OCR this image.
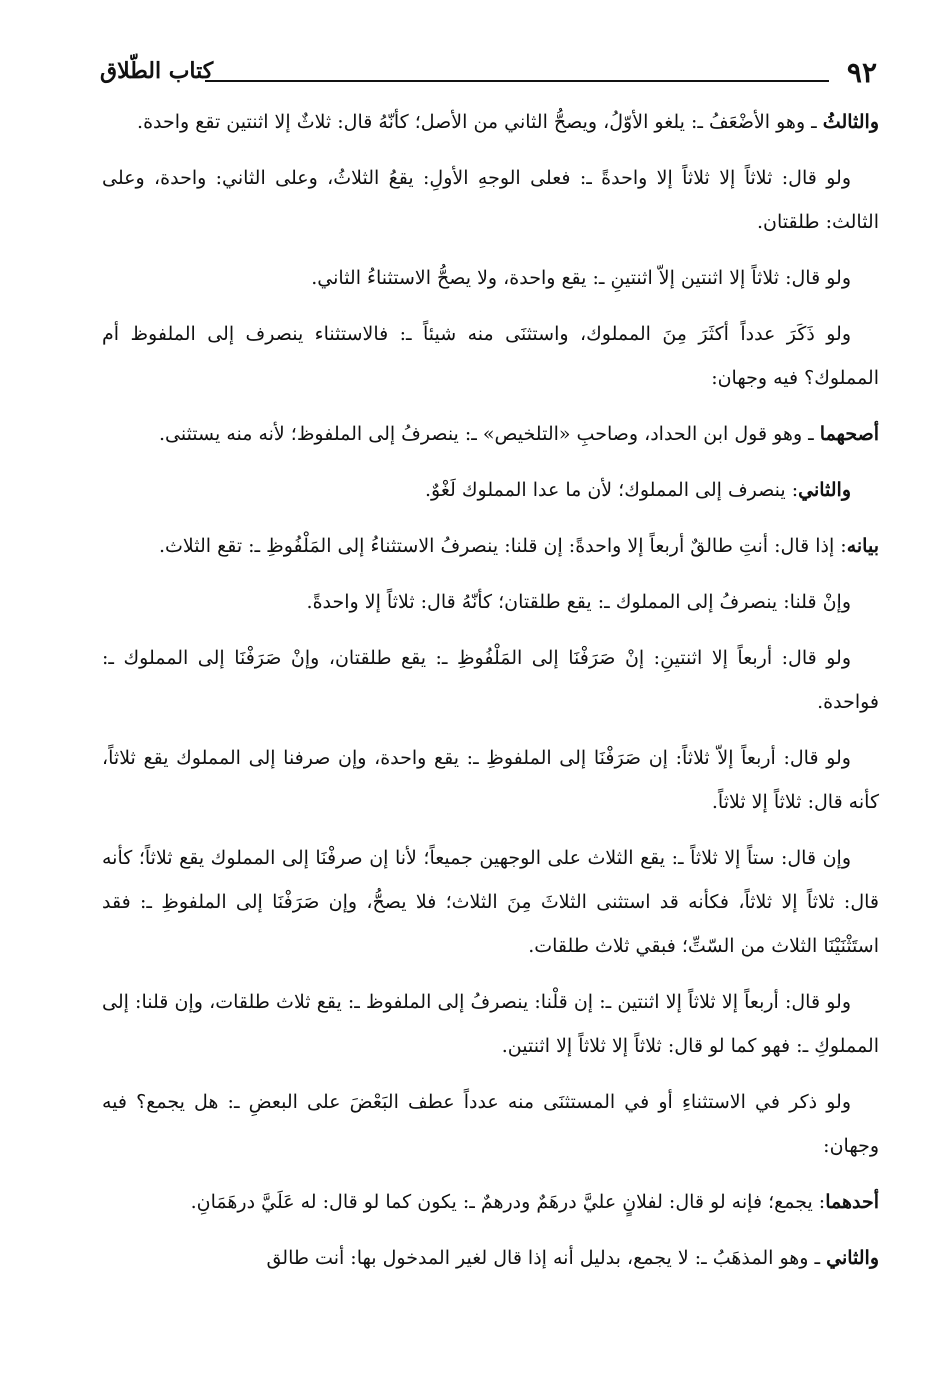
٩٢
كتاب الطّلاق

والثالثُ ـ وهو الأضْعَفُ ـ: يلغو الأوّلُ، ويصحُّ الثاني من الأصل؛ كأنّهُ قال: ثلاثٌ إلا اثنتين تقع واحدة.

ولو قال: ثلاثاً إلا ثلاثاً إلا واحدةً ـ: فعلى الوجهِ الأولِ: يقعُ الثلاثُ، وعلى الثاني: واحدة، وعلى الثالث: طلقتان.

ولو قال: ثلاثاً إلا اثنتين إلاّ اثنتينِ ـ: يقع واحدة، ولا يصحُّ الاستثناءُ الثاني.

ولو ذَكَرَ عدداً أكثَرَ مِنَ المملوك، واستثنَى منه شيئاً ـ: فالاستثناء ينصرف إلى الملفوظ أم المملوك؟ فيه وجهان:

أصحهما ـ وهو قول ابن الحداد، وصاحبِ «التلخيص» ـ: ينصرفُ إلى الملفوظ؛ لأنه منه يستثنى.

والثاني: ينصرف إلى المملوك؛ لأن ما عدا المملوك لَغْوٌ.

بيانه: إذا قال: أنتِ طالقٌ أربعاً إلا واحدةً: إن قلنا: ينصرفُ الاستثناءُ إلى المَلْفُوظِ ـ: تقع الثلاث.

وإنْ قلنا: ينصرفُ إلى المملوك ـ: يقع طلقتان؛ كأنّهُ قال: ثلاثاً إلا واحدةً.

ولو قال: أربعاً إلا اثنتينِ: إنْ صَرَفْنَا إلى المَلْفُوظِ ـ: يقع طلقتان، وإنْ صَرَفْنَا إلى المملوك ـ: فواحدة.

ولو قال: أربعاً إلاّ ثلاثاً: إن صَرَفْنَا إلى الملفوظِ ـ: يقع واحدة، وإن صرفنا إلى المملوك يقع ثلاثاً، كأنه قال: ثلاثاً إلا ثلاثاً.

وإن قال: ستاً إلا ثلاثاً ـ: يقع الثلاث على الوجهين جميعاً؛ لأنا إن صرفْنَا إلى المملوك يقع ثلاثاً؛ كأنه قال: ثلاثاً إلا ثلاثاً، فكأنه قد استثنى الثلاثَ مِنَ الثلاث؛ فلا يصحُّ، وإن صَرَفْنَا إلى الملفوظِ ـ: فقد استَثْنَيْنَا الثلاث من السّتِّ؛ فبقي ثلاث طلقات.

ولو قال: أربعاً إلا ثلاثاً إلا اثنتين ـ: إن قلْنا: ينصرفُ إلى الملفوظ ـ: يقع ثلاث طلقات، وإن قلنا: إلى المملوكِ ـ: فهو كما لو قال: ثلاثاً إلا ثلاثاً إلا اثنتين.

ولو ذكر في الاستثناءِ أو في المستثنَى منه عدداً عطف البَعْضَ على البعضِ ـ: هل يجمع؟ فيه وجهان:

أحدهما: يجمع؛ فإنه لو قال: لفلانٍ عليَّ درهَمٌ ودرهمٌ ـ: يكون كما لو قال: له عَلَيَّ درهَمَانِ.

والثاني ـ وهو المذهَبُ ـ: لا يجمع، بدليل أنه إذا قال لغير المدخول بها: أنت طالق
